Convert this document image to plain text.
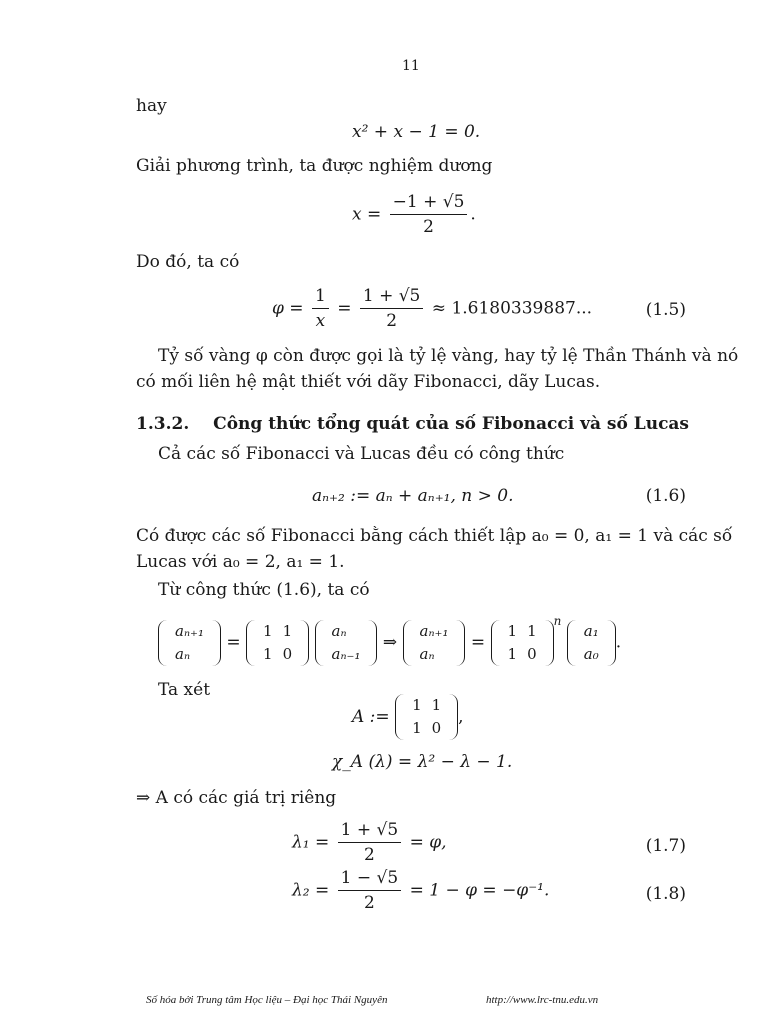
11
hay
x² + x − 1 = 0.
Giải phương trình, ta được nghiệm dương
$x = \frac{-1 + √5}{2}$ .
Do đó, ta có
$\varphi = \frac{1}{x} = \frac{1 + √5}{2} \approx 1.6180339887$...	(1.5)
Tỷ số vàng φ còn được gọi là tỷ lệ vàng, hay tỷ lệ Thần Thánh và nó
có mối liên hệ mật thiết với dãy Fibonacci, dãy Lucas.
1.3.2. Công thức tổng quát của số Fibonacci và số Lucas
Cả các số Fibonacci và Lucas đều có công thức
aₙ₊₂ := aₙ + aₙ₊₁, n > 0.	(1.6)
Có được các số Fibonacci bằng cách thiết lập a₀ = 0, a₁ = 1 và các số
Lucas với a₀ = 2, a₁ = 1.
Từ công thức (1.6), ta có
aₙ₊₁
aₙ
=
1	1
1	0

aₙ
aₙ₋₁
⇒
aₙ₊₁
aₙ
=
1	1
1	0
$^n$
a₁
a₀
.
Ta xét
A :=
1	1
1	0
,
χ_A (λ) = λ² − λ − 1.
⇒ A có các giá trị riêng
$\lambda_1 = \frac{1 + √5}{2} = \varphi$,	(1.7)
$\lambda_2 = \frac{1 - √5}{2} = 1 - \varphi = -\varphi^{-1}$.	(1.8)
Số hóa bởi Trung tâm Học liệu – Đại học Thái Nguyên	http://www.lrc-tnu.edu.vn
